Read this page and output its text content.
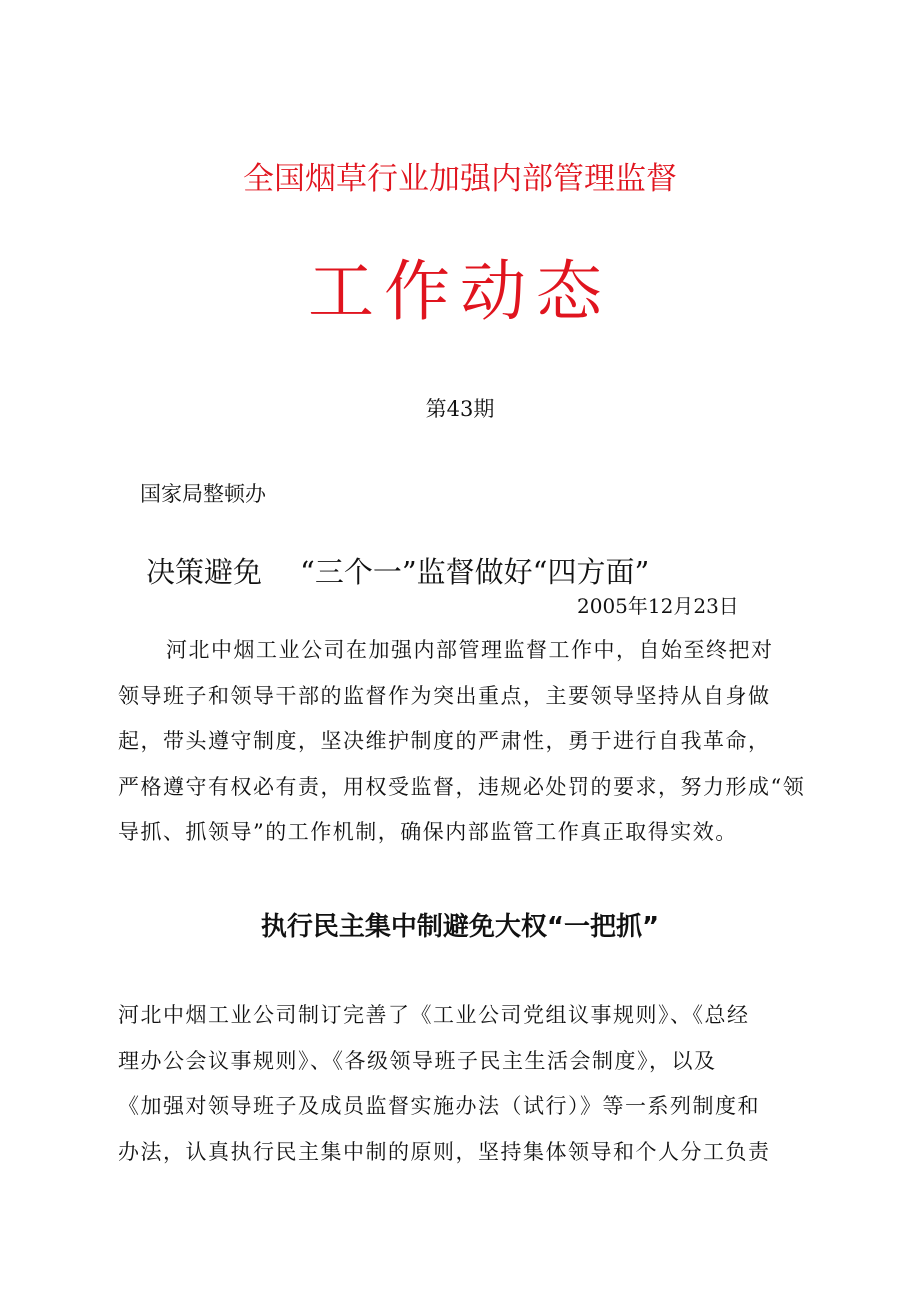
全国烟草行业加强内部管理监督
工作动态
第43期
国家局整顿办
决策避免 “三个一”监督做好“四方面”
2005年12月23日
河北中烟工业公司在加强内部管理监督工作中，自始至终把对
领导班子和领导干部的监督作为突出重点，主要领导坚持从自身做
起，带头遵守制度，坚决维护制度的严肃性，勇于进行自我革命，
严格遵守有权必有责，用权受监督，违规必处罚的要求，努力形成“领
导抓、抓领导”的工作机制，确保内部监管工作真正取得实效。
执行民主集中制避免大权“一把抓”
河北中烟工业公司制订完善了《工业公司党组议事规则》、《总经
理办公会议事规则》、《各级领导班子民主生活会制度》，以及
《加强对领导班子及成员监督实施办法（试行）》等一系列制度和
办法，认真执行民主集中制的原则，坚持集体领导和个人分工负责
